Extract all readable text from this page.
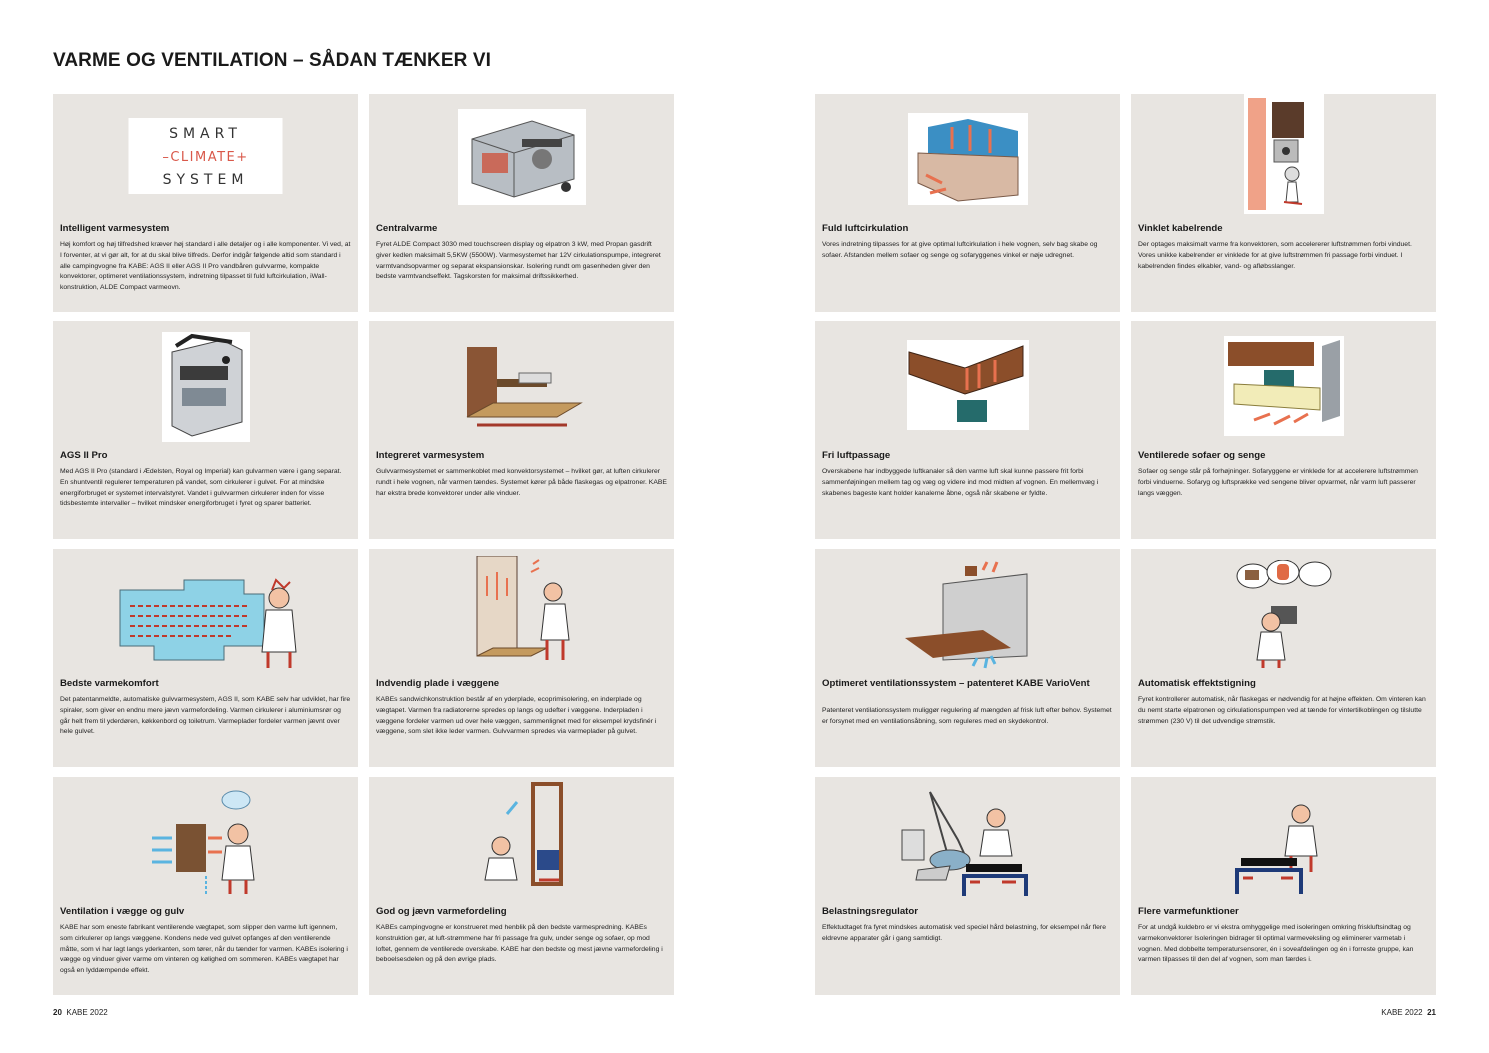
VARME OG VENTILATION – SÅDAN TÆNKER VI
SMART
–CLIMATE+
SYSTEM
Intelligent varmesystem

Høj komfort og høj tilfredshed kræver høj standard i alle detaljer og i alle komponenter. Vi ved, at I forventer, at vi gør alt, for at du skal blive tilfreds. Derfor indgår følgende altid som standard i alle campingvogne fra KABE: AGS II eller AGS II Pro vandbåren gulvvarme, kompakte konvektorer, optimeret ventilationssystem, indretning tilpasset til fuld luftcirkulation, iWall-konstruktion, ALDE Compact varmeovn.

Centralvarme

Fyret ALDE Compact 3030 med touchscreen display og elpatron 3 kW, med Propan gasdrift giver kedlen maksimalt 5,5KW (5500W). Varmesystemet har 12V cirkulationspumpe, integreret varmtvandsopvarmer og separat ekspansionskar. Isolering rundt om gasenheden giver den bedste varmtvandseffekt. Tagskorsten for maksimal driftssikkerhed.

Fuld luftcirkulation

Vores indretning tilpasses for at give optimal luftcirkulation i hele vognen, selv bag skabe og sofaer. Afstanden mellem sofaer og senge og sofaryggenes vinkel er nøje udregnet.

Vinklet kabelrende

Der optages maksimalt varme fra konvektoren, som accelererer luftstrømmen forbi vinduet. Vores unikke kabelrender er vinklede for at give luftstrømmen fri passage forbi vinduet. I kabelrenden findes elkabler, vand- og afløbsslanger.

AGS II Pro

Med AGS II Pro (standard i Ædelsten, Royal og Imperial) kan gulvarmen være i gang separat. En shuntventil regulerer temperaturen på vandet, som cirkulerer i gulvet. For at mindske energiforbruget er systemet intervalstyret. Vandet i gulvvarmen cirkulerer inden for visse tidsbestemte intervaller – hvilket mindsker energiforbruget i fyret og sparer batteriet.

Integreret varmesystem

Gulvvarmesystemet er sammenkoblet med konvektorsystemet – hvilket gør, at luften cirkulerer rundt i hele vognen, når varmen tændes. Systemet kører på både flaskegas og elpatroner. KABE har ekstra brede konvektorer under alle vinduer.

Fri luftpassage

Overskabene har indbyggede luftkanaler så den varme luft skal kunne passere frit forbi sammenføjningen mellem tag og væg og videre ind mod midten af vognen. En mellemvæg i skabenes bageste kant holder kanalerne åbne, også når skabene er fyldte.

Ventilerede sofaer og senge

Sofaer og senge står på forhøjninger. Sofaryggene er vinklede for at accelerere luftstrømmen forbi vinduerne. Sofaryg og luftsprække ved sengene bliver opvarmet, når varm luft passerer langs væggen.

Bedste varmekomfort

Det patentanmeldte, automatiske gulvvarmesystem, AGS II, som KABE selv har udviklet, har fire spiraler, som giver en endnu mere jævn varmefordeling. Varmen cirkulerer i aluminiumsrør og går helt frem til yderdøren, køkkenbord og toiletrum. Varmeplader fordeler varmen jævnt over hele gulvet.

Indvendig plade i væggene

KABEs sandwichkonstruktion består af en yderplade, ecoprimisolering, en inderplade og vægtapet. Varmen fra radiatorerne spredes op langs og udefter i væggene. Inderpladen i væggene fordeler varmen ud over hele væggen, sammenlignet med for eksempel krydsfinér i væggene, som slet ikke leder varmen. Gulvvarmen spredes via varmeplader på gulvet.

Optimeret ventilationssystem – patenteret KABE VarioVent

Patenteret ventilationssystem muliggør regulering af mængden af frisk luft efter behov. Systemet er forsynet med en ventilationsåbning, som reguleres med en skydekontrol.

Automatisk effektstigning

Fyret kontrollerer automatisk, når flaskegas er nødvendig for at højne effekten. Om vinteren kan du nemt starte elpatronen og cirkulationspumpen ved at tænde for vintertilkoblingen og tilslutte strømmen (230 V) til det udvendige strømstik.

Ventilation i vægge og gulv

KABE har som eneste fabrikant ventilerende vægtapet, som slipper den varme luft igennem, som cirkulerer op langs væggene. Kondens nede ved gulvet opfanges af den ventilerende måtte, som vi har lagt langs yderkanten, som tører, når du tænder for varmen. KABEs isolering i vægge og vinduer giver varme om vinteren og kølighed om sommeren. KABEs vægtapet har også en lyddæmpende effekt.

God og jævn varmefordeling

KABEs campingvogne er konstrueret med henblik på den bedste varmespredning. KABEs konstruktion gør, at luft-strømmene har fri passage fra gulv, under senge og sofaer, op mod loftet, gennem de ventilerede overskabe. KABE har den bedste og mest jævne varmefordeling i beboelsesdelen og på den øvrige plads.

Belastningsregulator

Effektudtaget fra fyret mindskes automatisk ved speciel hård belastning, for eksempel når flere eldrevne apparater går i gang samtidigt.

Flere varmefunktioner

For at undgå kuldebro er vi ekstra omhyggelige med isoleringen omkring friskluftsindtag og varmekonvektorer Isoleringen bidrager til optimal varmeveksling og eliminerer varmetab i vognen. Med dobbelte temperatursensorer, én i soveafdelingen og én i forreste gruppe, kan varmen tilpasses til den del af vognen, som man færdes i.

20 KABE 2022	KABE 2022 21
